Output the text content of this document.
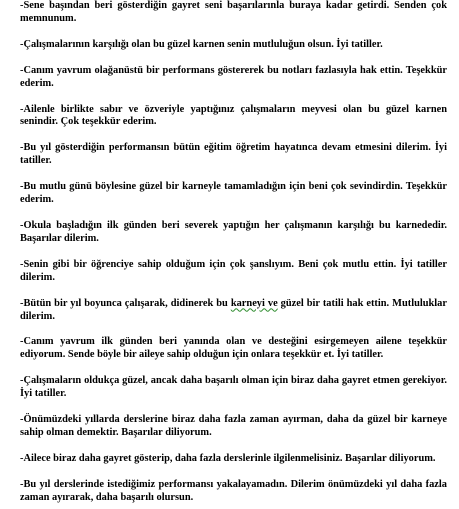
-Sene başından beri gösterdiğin gayret seni başarılarınla buraya kadar getirdi. Senden çok memnunum.

-Çalışmalarının karşılığı olan bu güzel karnen senin mutluluğun olsun. İyi tatiller.

-Canım yavrum olağanüstü bir performans göstererek bu notları fazlasıyla hak ettin. Teşekkür ederim.

-Ailenle birlikte sabır ve özveriyle yaptığınız çalışmaların meyvesi olan bu güzel karnen senindir. Çok teşekkür ederim.

-Bu yıl gösterdiğin performansın bütün eğitim öğretim hayatınca devam etmesini dilerim. İyi tatiller.

-Bu mutlu günü böylesine güzel bir karneyle tamamladığın için beni çok sevindirdin. Teşekkür ederim.

-Okula başladığın ilk günden beri severek yaptığın her çalışmanın karşılığı bu karnededir. Başarılar dilerim.

-Senin gibi bir öğrenciye sahip olduğum için çok şanslıyım. Beni çok mutlu ettin. İyi tatiller dilerim.

-Bütün bir yıl boyunca çalışarak, didinerek bu karneyi ve güzel bir tatili hak ettin. Mutluluklar dilerim.

-Canım yavrum ilk günden beri yanında olan ve desteğini esirgemeyen ailene teşekkür ediyorum. Sende böyle bir aileye sahip olduğun için onlara teşekkür et. İyi tatiller.

-Çalışmaların oldukça güzel, ancak daha başarılı olman için biraz daha gayret etmen gerekiyor. İyi tatiller.

-Önümüzdeki yıllarda derslerine biraz daha fazla zaman ayırman, daha da güzel bir karneye sahip olman demektir. Başarılar diliyorum.

-Ailece biraz daha gayret gösterip, daha fazla derslerinle ilgilenmelisiniz. Başarılar diliyorum.

-Bu yıl derslerinde istediğimiz performansı yakalayamadın. Dilerim önümüzdeki yıl daha fazla zaman ayırarak, daha başarılı olursun.
